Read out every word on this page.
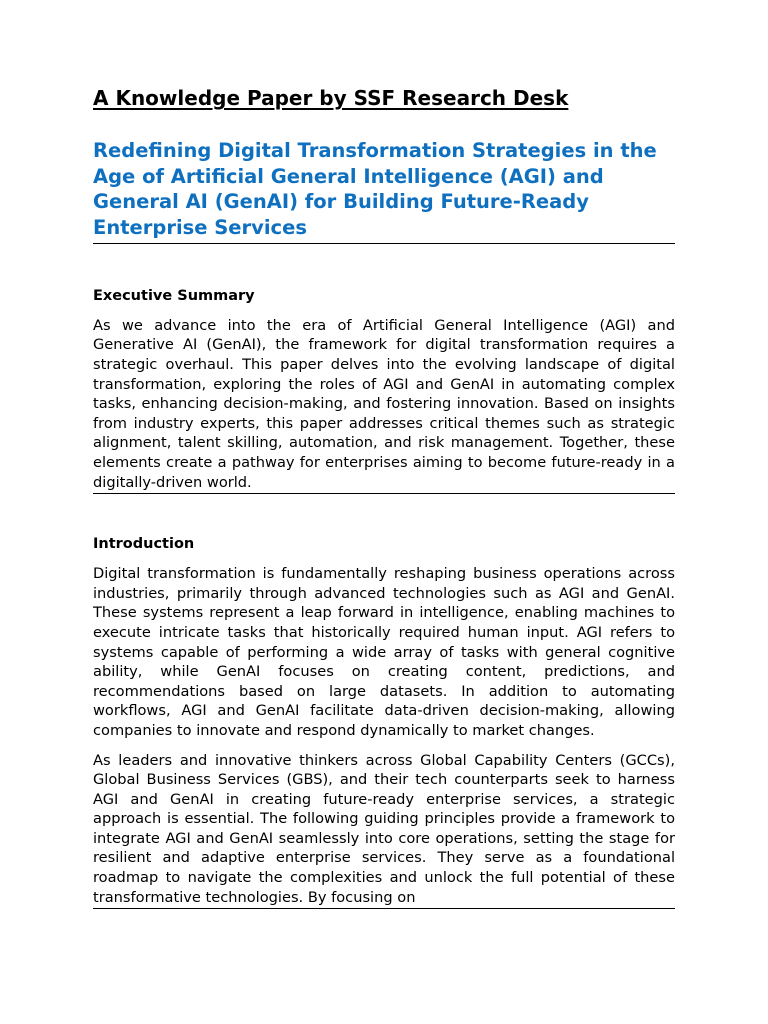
A Knowledge Paper by SSF Research Desk
Redefining Digital Transformation Strategies in the Age of Artificial General Intelligence (AGI) and General AI (GenAI) for Building Future-Ready Enterprise Services
Executive Summary

As we advance into the era of Artificial General Intelligence (AGI) and Generative AI (GenAI), the framework for digital transformation requires a strategic overhaul. This paper delves into the evolving landscape of digital transformation, exploring the roles of AGI and GenAI in automating complex tasks, enhancing decision-making, and fostering innovation. Based on insights from industry experts, this paper addresses critical themes such as strategic alignment, talent skilling, automation, and risk management. Together, these elements create a pathway for enterprises aiming to become future-ready in a digitally-driven world.

Introduction

Digital transformation is fundamentally reshaping business operations across industries, primarily through advanced technologies such as AGI and GenAI. These systems represent a leap forward in intelligence, enabling machines to execute intricate tasks that historically required human input. AGI refers to systems capable of performing a wide array of tasks with general cognitive ability, while GenAI focuses on creating content, predictions, and recommendations based on large datasets. In addition to automating workflows, AGI and GenAI facilitate data-driven decision-making, allowing companies to innovate and respond dynamically to market changes.

As leaders and innovative thinkers across Global Capability Centers (GCCs), Global Business Services (GBS), and their tech counterparts seek to harness AGI and GenAI in creating future-ready enterprise services, a strategic approach is essential. The following guiding principles provide a framework to integrate AGI and GenAI seamlessly into core operations, setting the stage for resilient and adaptive enterprise services. They serve as a foundational roadmap to navigate the complexities and unlock the full potential of these transformative technologies. By focusing on
